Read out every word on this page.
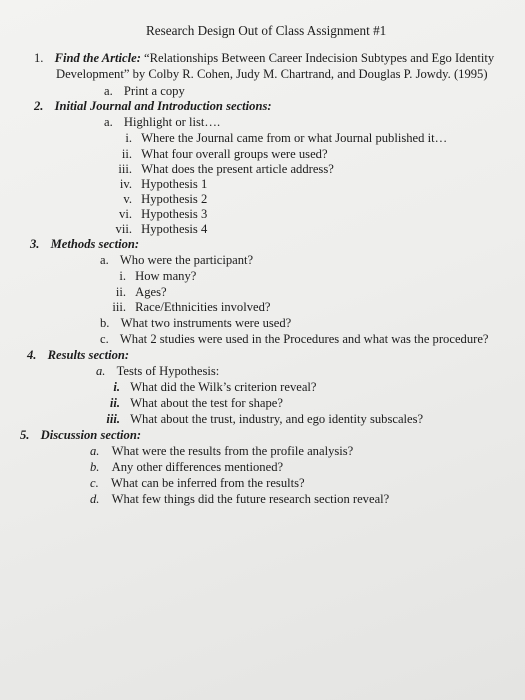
Research Design Out of Class Assignment #1
1. Find the Article: “Relationships Between Career Indecision Subtypes and Ego Identity
Development” by Colby R. Cohen, Judy M. Chartrand, and Douglas P. Jowdy. (1995)
a. Print a copy
2. Initial Journal and Introduction sections:
a. Highlight or list….
i. Where the Journal came from or what Journal published it…
ii. What four overall groups were used?
iii. What does the present article address?
iv. Hypothesis 1
v. Hypothesis 2
vi. Hypothesis 3
vii. Hypothesis 4
3. Methods section:
a. Who were the participant?
i. How many?
ii. Ages?
iii. Race/Ethnicities involved?
b. What two instruments were used?
c. What 2 studies were used in the Procedures and what was the procedure?
4. Results section:
a. Tests of Hypothesis:
i. What did the Wilk’s criterion reveal?
ii. What about the test for shape?
iii. What about the trust, industry, and ego identity subscales?
5. Discussion section:
a. What were the results from the profile analysis?
b. Any other differences mentioned?
c. What can be inferred from the results?
d. What few things did the future research section reveal?
